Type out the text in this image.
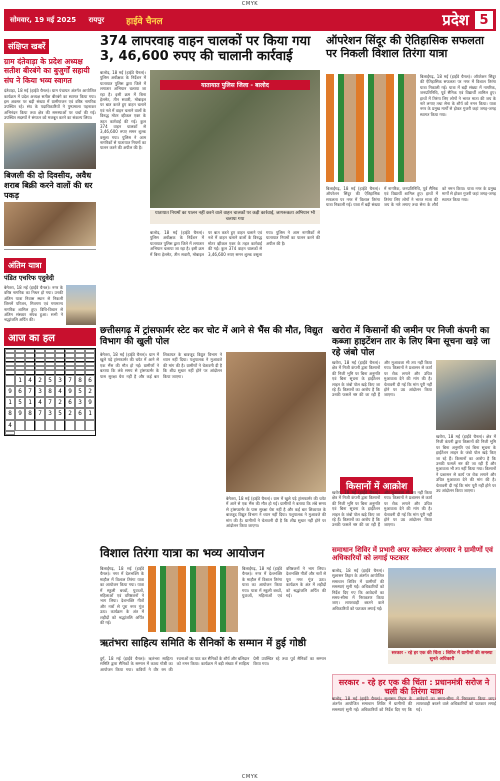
CMYK
सोमवार, 19 मई 2025 रायपुर	हाईवे चैनल	प्रदेश 5
संक्षिप्त खबरें
ग्राम दंतेवाड़ा के प्रदेश अध्यक्ष सतीश बीरबंगे का बुजुर्गों सहायी संघ ने किया भव्य स्वागत

दंतेवाड़ा, 18 मई (हाईवे चैनल)। ग्राम पंचायत अंतर्गत आयोजित कार्यक्रम में प्रदेश अध्यक्ष सतीश बीरबंगे का स्वागत किया गया। इस अवसर पर बड़ी संख्या में ग्रामीणजन एवं वरिष्ठ नागरिक उपस्थित रहे। संघ के पदाधिकारियों ने पुष्पमाला पहनाकर अभिनंदन किया तथा क्षेत्र की समस्याओं पर चर्चा की गई। उपस्थित सदस्यों ने संगठन को मजबूत करने का संकल्प लिया।

बिजली की दो दिवसीय, अवैध शराब बिक्री करने वालों की धर पकड़
अंतिम यात्रा
पंडित एचरिफ एदुवेदी

बेमेतरा, 18 मई (हाईवे चैनल)। नगर के वरिष्ठ नागरिक का निधन हो गया। उनकी अंतिम यात्रा निवास स्थान से निकली जिसमें परिजन, मित्रगण एवं गणमान्य नागरिक शामिल हुए। विधि-विधान से अंतिम संस्कार संपन्न हुआ। सभी ने श्रद्धांजलि अर्पित की।

आज का हल
1	4	2	5	3	7	8	6
9	6	7	3	8	4	9	5	2
1	5	1	4	7	2	6	3	9
8	9	8	7	3	5	2	6	1
4
374 लापरवाह वाहन चालकों पर किया गया 3, 46,600 रुपए की चालानी कार्रवाई
बालोद, 18 मई (हाईवे चैनल)। पुलिस अधीक्षक के निर्देशन में यातायात पुलिस द्वारा जिले में लगातार अभियान चलाया जा रहा है। इसी क्रम में बिना हेलमेट, तीन सवारी, मोबाइल पर बात करते हुए वाहन चलाने एवं नशे में वाहन चलाने वालों के विरुद्ध मोटर व्हीकल एक्ट के तहत कार्रवाई की गई। कुल 374 वाहन चालकों से 3,46,600 रुपए समन शुल्क वसूला गया। पुलिस ने आम नागरिकों से यातायात नियमों का पालन करने की अपील की है।
यातायात पुलिस जिला - बालोद
यातायात नियमों का पालन नहीं करने वाले वाहन चालकों पर कड़ी कार्रवाई, जागरूकता अभियान भी चलाया गया
बालोद, 18 मई (हाईवे चैनल)। पुलिस अधीक्षक के निर्देशन में यातायात पुलिस द्वारा जिले में लगातार अभियान चलाया जा रहा है। इसी क्रम में बिना हेलमेट, तीन सवारी, मोबाइल पर बात करते हुए वाहन चलाने एवं नशे में वाहन चलाने वालों के विरुद्ध मोटर व्हीकल एक्ट के तहत कार्रवाई की गई। कुल 374 वाहन चालकों से 3,46,600 रुपए समन शुल्क वसूला गया। पुलिस ने आम नागरिकों से यातायात नियमों का पालन करने की अपील की है।
ऑपरेशन सिंदूर की ऐतिहासिक सफलता पर निकली विशाल तिरंगा यात्रा
बिलाईगढ़, 18 मई (हाईवे चैनल)। ऑपरेशन सिंदूर की ऐतिहासिक सफलता पर नगर में विशाल तिरंगा यात्रा निकाली गई। यात्रा में बड़ी संख्या में नागरिक, जनप्रतिनिधि, पूर्व सैनिक एवं विद्यार्थी शामिल हुए। हाथों में तिरंगा लिए लोगों ने भारत माता की जय के नारे लगाए तथा सेना के शौर्य को नमन किया। यात्रा नगर के प्रमुख मार्गों से होकर गुजरी जहां जगह-जगह स्वागत किया गया।
बिलाईगढ़, 18 मई (हाईवे चैनल)। ऑपरेशन सिंदूर की ऐतिहासिक सफलता पर नगर में विशाल तिरंगा यात्रा निकाली गई। यात्रा में बड़ी संख्या में नागरिक, जनप्रतिनिधि, पूर्व सैनिक एवं विद्यार्थी शामिल हुए। हाथों में तिरंगा लिए लोगों ने भारत माता की जय के नारे लगाए तथा सेना के शौर्य को नमन किया। यात्रा नगर के प्रमुख मार्गों से होकर गुजरी जहां जगह-जगह स्वागत किया गया।
छत्तीसगढ़ में ट्रांसफार्मर स्टेट कर चोट में आने से भैंस की मौत, विद्युत विभाग की खुली पोल
बेमेतरा, 18 मई (हाईवे चैनल)। ग्राम में खुले पड़े ट्रांसफार्मर की चपेट में आने से एक भैंस की मौत हो गई। ग्रामीणों ने बताया कि लंबे समय से ट्रांसफार्मर के पास सुरक्षा घेरा नहीं है और कई बार शिकायत के बावजूद विद्युत विभाग ने ध्यान नहीं दिया। पशुपालक ने मुआवजे की मांग की है। ग्रामीणों ने चेतावनी दी है कि शीघ्र सुधार नहीं होने पर आंदोलन किया जाएगा।
बेमेतरा, 18 मई (हाईवे चैनल)। ग्राम में खुले पड़े ट्रांसफार्मर की चपेट में आने से एक भैंस की मौत हो गई। ग्रामीणों ने बताया कि लंबे समय से ट्रांसफार्मर के पास सुरक्षा घेरा नहीं है और कई बार शिकायत के बावजूद विद्युत विभाग ने ध्यान नहीं दिया। पशुपालक ने मुआवजे की मांग की है। ग्रामीणों ने चेतावनी दी है कि शीघ्र सुधार नहीं होने पर आंदोलन किया जाएगा।
खरोरा में किसानों की जमीन पर निजी कंपनी का कब्जा हाइटेंशन तार के लिए बिना सूचना खड़े जा रहे जंबो पोल
खरोरा, 18 मई (हाईवे चैनल)। क्षेत्र में निजी कंपनी द्वारा किसानों की निजी भूमि पर बिना अनुमति एवं बिना सूचना के हाईटेंशन लाइन के जंबो पोल खड़े किए जा रहे हैं। किसानों का आरोप है कि उनकी फसलें नष्ट की जा रही हैं और मुआवजा भी तय नहीं किया गया। किसानों ने प्रशासन से कार्य पर रोक लगाने और उचित मुआवजा देने की मांग की है। चेतावनी दी गई कि मांग पूरी नहीं होने पर उग्र आंदोलन किया जाएगा।
खरोरा, 18 मई (हाईवे चैनल)। क्षेत्र में निजी कंपनी द्वारा किसानों की निजी भूमि पर बिना अनुमति एवं बिना सूचना के हाईटेंशन लाइन के जंबो पोल खड़े किए जा रहे हैं। किसानों का आरोप है कि उनकी फसलें नष्ट की जा रही हैं और मुआवजा भी तय नहीं किया गया। किसानों ने प्रशासन से कार्य पर रोक लगाने और उचित मुआवजा देने की मांग की है। चेतावनी दी गई कि मांग पूरी नहीं होने पर उग्र आंदोलन किया जाएगा।
किसानों में आक्रोश
खरोरा, 18 मई (हाईवे चैनल)। क्षेत्र में निजी कंपनी द्वारा किसानों की निजी भूमि पर बिना अनुमति एवं बिना सूचना के हाईटेंशन लाइन के जंबो पोल खड़े किए जा रहे हैं। किसानों का आरोप है कि उनकी फसलें नष्ट की जा रही हैं और मुआवजा भी तय नहीं किया गया। किसानों ने प्रशासन से कार्य पर रोक लगाने और उचित मुआवजा देने की मांग की है। चेतावनी दी गई कि मांग पूरी नहीं होने पर उग्र आंदोलन किया जाएगा।
समाधान शिविर में प्रभारी अपर कलेक्टर अंगरवार ने ग्रामीणों एवं अधिकारियों को लगाई फटकार
बालोद, 18 मई (हाईवे चैनल)। सुशासन तिहार के अंतर्गत आयोजित समाधान शिविर में ग्रामीणों की समस्याएं सुनी गईं। अधिकारियों को निर्देश दिए गए कि आवेदनों का समय-सीमा में निराकरण किया जाए। लापरवाही बरतने वाले अधिकारियों को फटकार लगाई गई।
सरकार - रहे हर एक की चिंता : शिविर में ग्रामीणों की समस्या सुनते अधिकारी
विशाल तिरंगा यात्रा का भव्य आयोजन
बिलाईगढ़, 18 मई (हाईवे चैनल)। नगर में देशभक्ति के माहौल में विशाल तिरंगा यात्रा का आयोजन किया गया। यात्रा में स्कूली बच्चों, युवाओं, महिलाओं एवं वरिष्ठजनों ने भाग लिया। देशभक्ति गीतों और नारों से पूरा नगर गूंज उठा। कार्यक्रम के अंत में शहीदों को श्रद्धांजलि अर्पित की गई।
बिलाईगढ़, 18 मई (हाईवे चैनल)। नगर में देशभक्ति के माहौल में विशाल तिरंगा यात्रा का आयोजन किया गया। यात्रा में स्कूली बच्चों, युवाओं, महिलाओं एवं वरिष्ठजनों ने भाग लिया। देशभक्ति गीतों और नारों से पूरा नगर गूंज उठा। कार्यक्रम के अंत में शहीदों को श्रद्धांजलि अर्पित की गई।
ऋतंभरा साहित्य समिति के सैनिकों के सम्मान में हुई गोष्ठी
दुर्ग, 18 मई (हाईवे चैनल)। ऋतंभरा साहित्य समिति द्वारा सैनिकों के सम्मान में काव्य गोष्ठी का आयोजन किया गया। कवियों ने वीर रस की रचनाओं का पाठ कर सैनिकों के शौर्य और बलिदान को नमन किया। कार्यक्रम में बड़ी संख्या में साहित्य प्रेमी उपस्थित रहे तथा पूर्व सैनिकों का सम्मान किया गया।
सरकार - रहे हर एक की चिंता : प्रधानमंत्री सरोज ने चली की तिरंगा यात्रा
बालोद, 18 मई (हाईवे चैनल)। सुशासन तिहार के अंतर्गत आयोजित समाधान शिविर में ग्रामीणों की समस्याएं सुनी गईं। अधिकारियों को निर्देश दिए गए कि आवेदनों का समय-सीमा में निराकरण किया जाए। लापरवाही बरतने वाले अधिकारियों को फटकार लगाई गई।
CMYK
